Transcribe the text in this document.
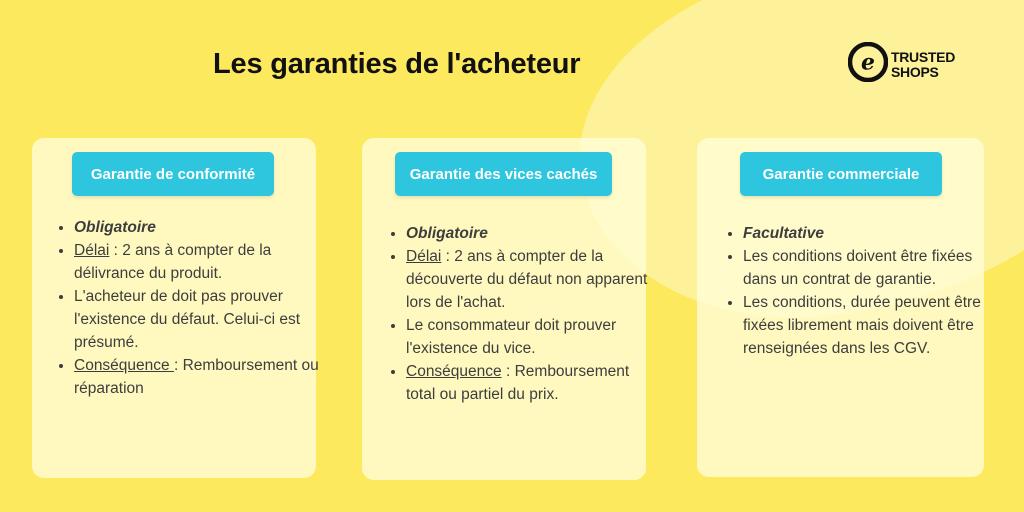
Les garanties de l'acheteur	e TRUSTED
SHOPS
Garantie de conformité
• Obligatoire
• Délai : 2 ans à compter de la délivrance du produit.
• L'acheteur de doit pas prouver l'existence du défaut. Celui-ci est présumé.
• Conséquence : Remboursement ou réparation
Garantie des vices cachés
• Obligatoire
• Délai : 2 ans à compter de la découverte du défaut non apparent lors de l'achat.
• Le consommateur doit prouver l'existence du vice.
• Conséquence : Remboursement total ou partiel du prix.
Garantie commerciale
• Facultative
• Les conditions doivent être fixées dans un contrat de garantie.
• Les conditions, durée peuvent être fixées librement mais doivent être renseignées dans les CGV.
